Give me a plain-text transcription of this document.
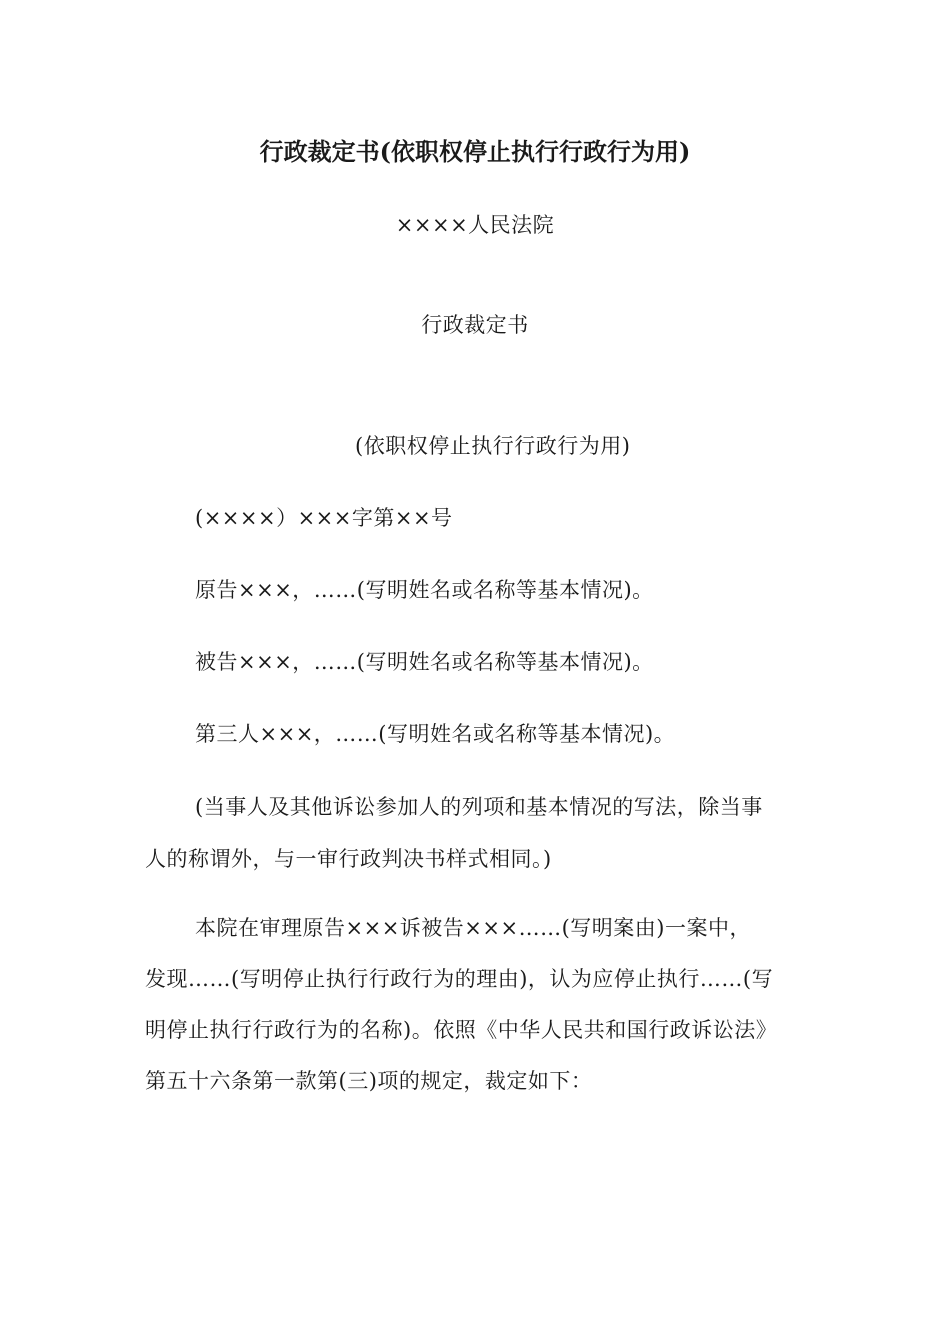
行政裁定书(依职权停止执行行政行为用)
××××人民法院
行政裁定书
(依职权停止执行行政行为用)
(××××）×××字第××号
原告×××，……(写明姓名或名称等基本情况)。
被告×××，……(写明姓名或名称等基本情况)。
第三人×××，……(写明姓名或名称等基本情况)。
(当事人及其他诉讼参加人的列项和基本情况的写法，除当事
人的称谓外，与一审行政判决书样式相同。)
本院在审理原告×××诉被告×××……(写明案由)一案中，
发现……(写明停止执行行政行为的理由)，认为应停止执行……(写
明停止执行行政行为的名称)。依照《中华人民共和国行政诉讼法》
第五十六条第一款第(三)项的规定，裁定如下：
